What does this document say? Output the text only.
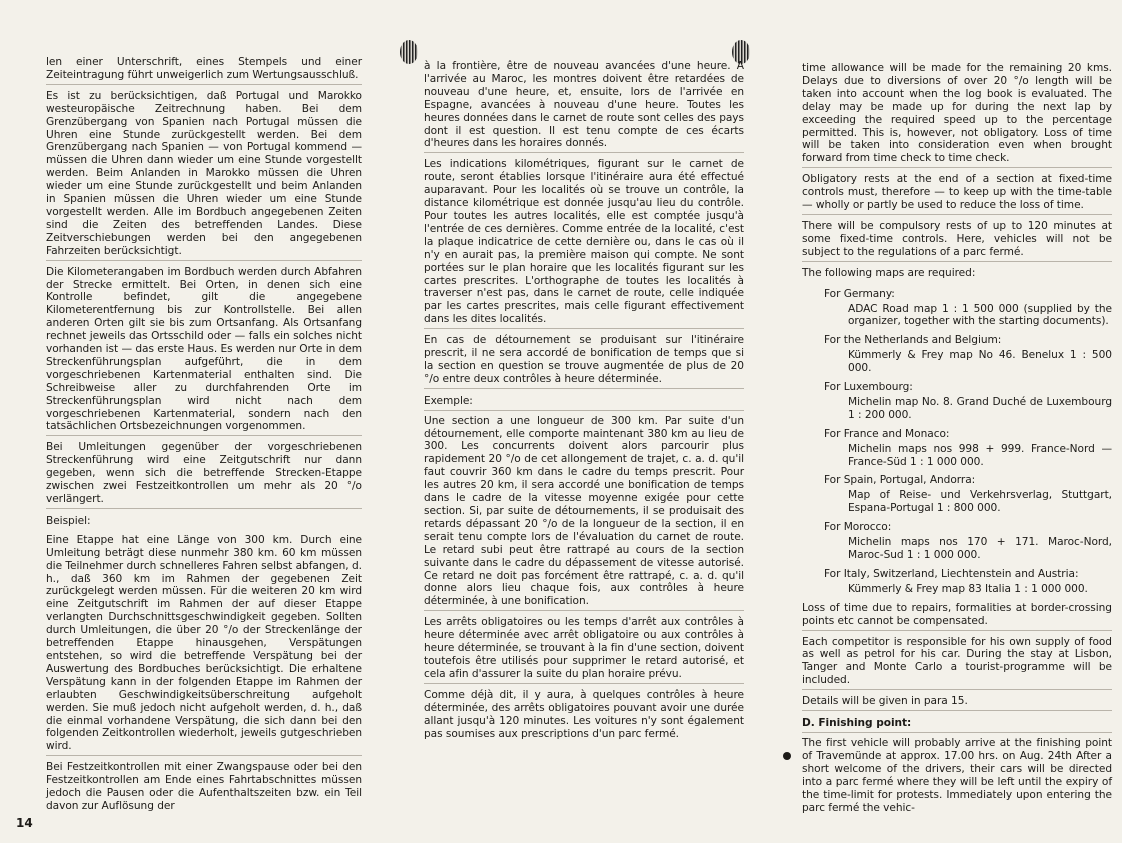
len einer Unterschrift, eines Stempels und einer Zeiteintragung führt unweigerlich zum Wertungsausschluß.

Es ist zu berücksichtigen, daß Portugal und Marokko westeuropäische Zeitrechnung haben. Bei dem Grenzübergang von Spanien nach Portugal müssen die Uhren eine Stunde zurückgestellt werden. Bei dem Grenzübergang nach Spanien — von Portugal kommend — müssen die Uhren dann wieder um eine Stunde vorgestellt werden. Beim Anlanden in Marokko müssen die Uhren wieder um eine Stunde zurückgestellt und beim Anlanden in Spanien müssen die Uhren wieder um eine Stunde vorgestellt werden. Alle im Bordbuch angegebenen Zeiten sind die Zeiten des betreffenden Landes. Diese Zeitverschiebungen werden bei den angegebenen Fahrzeiten berücksichtigt.

Die Kilometerangaben im Bordbuch werden durch Abfahren der Strecke ermittelt. Bei Orten, in denen sich eine Kontrolle befindet, gilt die angegebene Kilometerentfernung bis zur Kontrollstelle. Bei allen anderen Orten gilt sie bis zum Ortsanfang. Als Ortsanfang rechnet jeweils das Ortsschild oder — falls ein solches nicht vorhanden ist — das erste Haus. Es werden nur Orte in dem Streckenführungsplan aufgeführt, die in dem vorgeschriebenen Kartenmaterial enthalten sind. Die Schreibweise aller zu durchfahrenden Orte im Streckenführungsplan wird nicht nach dem vorgeschriebenen Kartenmaterial, sondern nach den tatsächlichen Ortsbezeichnungen vorgenommen.

Bei Umleitungen gegenüber der vorgeschriebenen Streckenführung wird eine Zeitgutschrift nur dann gegeben, wenn sich die betreffende Strecken-Etappe zwischen zwei Festzeitkontrollen um mehr als 20 °/o verlängert.

Beispiel:

Eine Etappe hat eine Länge von 300 km. Durch eine Umleitung beträgt diese nunmehr 380 km. 60 km müssen die Teilnehmer durch schnelleres Fahren selbst abfangen, d. h., daß 360 km im Rahmen der gegebenen Zeit zurückgelegt werden müssen. Für die weiteren 20 km wird eine Zeitgutschrift im Rahmen der auf dieser Etappe verlangten Durchschnittsgeschwindigkeit gegeben. Sollten durch Umleitungen, die über 20 °/o der Streckenlänge der betreffenden Etappe hinausgehen, Verspätungen entstehen, so wird die betreffende Verspätung bei der Auswertung des Bordbuches berücksichtigt. Die erhaltene Verspätung kann in der folgenden Etappe im Rahmen der erlaubten Geschwindigkeitsüberschreitung aufgeholt werden. Sie muß jedoch nicht aufgeholt werden, d. h., daß die einmal vorhandene Verspätung, die sich dann bei den folgenden Zeitkontrollen wiederholt, jeweils gutgeschrieben wird.

Bei Festzeitkontrollen mit einer Zwangspause oder bei den Festzeitkontrollen am Ende eines Fahrtabschnittes müssen jedoch die Pausen oder die Aufenthaltszeiten bzw. ein Teil davon zur Auflösung der

à la frontière, être de nouveau avancées d'une heure. A l'arrivée au Maroc, les montres doivent être retardées de nouveau d'une heure, et, ensuite, lors de l'arrivée en Espagne, avancées à nouveau d'une heure. Toutes les heures données dans le carnet de route sont celles des pays dont il est question. Il est tenu compte de ces écarts d'heures dans les horaires donnés.

Les indications kilométriques, figurant sur le carnet de route, seront établies lorsque l'itinéraire aura été effectué auparavant. Pour les localités où se trouve un contrôle, la distance kilométrique est donnée jusqu'au lieu du contrôle. Pour toutes les autres localités, elle est comptée jusqu'à l'entrée de ces dernières. Comme entrée de la localité, c'est la plaque indicatrice de cette dernière ou, dans le cas où il n'y en aurait pas, la première maison qui compte. Ne sont portées sur le plan horaire que les localités figurant sur les cartes prescrites. L'orthographe de toutes les localités à traverser n'est pas, dans le carnet de route, celle indiquée par les cartes prescrites, mais celle figurant effectivement dans les dites localités.

En cas de détournement se produisant sur l'itinéraire prescrit, il ne sera accordé de bonification de temps que si la section en question se trouve augmentée de plus de 20 °/o entre deux contrôles à heure déterminée.

Exemple:

Une section a une longueur de 300 km. Par suite d'un détournement, elle comporte maintenant 380 km au lieu de 300. Les concurrents doivent alors parcourir plus rapidement 20 °/o de cet allongement de trajet, c. a. d. qu'il faut couvrir 360 km dans le cadre du temps prescrit. Pour les autres 20 km, il sera accordé une bonification de temps dans le cadre de la vitesse moyenne exigée pour cette section. Si, par suite de détournements, il se produisait des retards dépassant 20 °/o de la longueur de la section, il en serait tenu compte lors de l'évaluation du carnet de route. Le retard subi peut être rattrapé au cours de la section suivante dans le cadre du dépassement de vitesse autorisé. Ce retard ne doit pas forcément être rattrapé, c. a. d. qu'il donne alors lieu chaque fois, aux contrôles à heure déterminée, à une bonification.

Les arrêts obligatoires ou les temps d'arrêt aux contrôles à heure déterminée avec arrêt obligatoire ou aux contrôles à heure déterminée, se trouvant à la fin d'une section, doivent toutefois être utilisés pour supprimer le retard autorisé, et cela afin d'assurer la suite du plan horaire prévu.

Comme déjà dit, il y aura, à quelques contrôles à heure déterminée, des arrêts obligatoires pouvant avoir une durée allant jusqu'à 120 minutes. Les voitures n'y sont également pas soumises aux prescriptions d'un parc fermé.

time allowance will be made for the remaining 20 kms. Delays due to diversions of over 20 °/o length will be taken into account when the log book is evaluated. The delay may be made up for during the next lap by exceeding the required speed up to the percentage permitted. This is, however, not obligatory. Loss of time will be taken into consideration even when brought forward from time check to time check.

Obligatory rests at the end of a section at fixed-time controls must, therefore — to keep up with the time-table — wholly or partly be used to reduce the loss of time.

There will be compulsory rests of up to 120 minutes at some fixed-time controls. Here, vehicles will not be subject to the regulations of a parc fermé.

The following maps are required:

For Germany:
ADAC Road map 1 : 1 500 000 (supplied by the organizer, together with the starting documents).
For the Netherlands and Belgium:
Kümmerly & Frey map No 46. Benelux 1 : 500 000.
For Luxembourg:
Michelin map No. 8. Grand Duché de Luxembourg 1 : 200 000.
For France and Monaco:
Michelin maps nos 998 + 999. France-Nord — France-Süd 1 : 1 000 000.
For Spain, Portugal, Andorra:
Map of Reise- und Verkehrsverlag, Stuttgart, Espana-Portugal 1 : 800 000.
For Morocco:
Michelin maps nos 170 + 171. Maroc-Nord, Maroc-Sud 1 : 1 000 000.
For Italy, Switzerland, Liechtenstein and Austria:
Kümmerly & Frey map 83 Italia 1 : 1 000 000.

Loss of time due to repairs, formalities at border-crossing points etc cannot be compensated.

Each competitor is responsible for his own supply of food as well as petrol for his car. During the stay at Lisbon, Tanger and Monte Carlo a tourist-programme will be included.

Details will be given in para 15.

D. Finishing point:

The first vehicle will probably arrive at the finishing point of Travemünde at approx. 17.00 hrs. on Aug. 24th After a short welcome of the drivers, their cars will be directed into a parc fermé where they will be left until the expiry of the time-limit for protests. Immediately upon entering the parc fermé the vehic-

14
